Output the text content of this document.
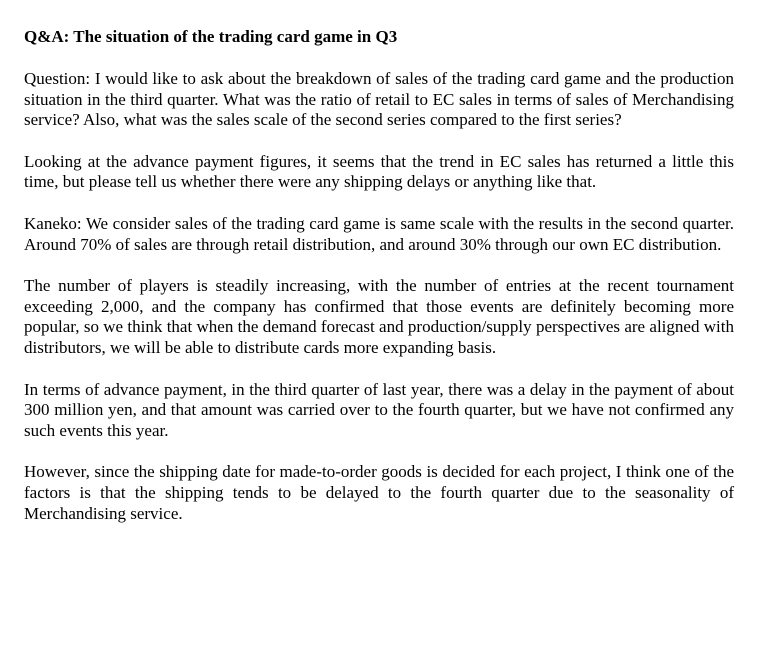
Q&A: The situation of the trading card game in Q3

Question: I would like to ask about the breakdown of sales of the trading card game and the production situation in the third quarter. What was the ratio of retail to EC sales in terms of sales of Merchandising service? Also, what was the sales scale of the second series compared to the first series?

Looking at the advance payment figures, it seems that the trend in EC sales has returned a little this time, but please tell us whether there were any shipping delays or anything like that.

Kaneko: We consider sales of the trading card game is same scale with the results in the second quarter. Around 70% of sales are through retail distribution, and around 30% through our own EC distribution.

The number of players is steadily increasing, with the number of entries at the recent tournament exceeding 2,000, and the company has confirmed that those events are definitely becoming more popular, so we think that when the demand forecast and production/supply perspectives are aligned with distributors, we will be able to distribute cards more expanding basis.

In terms of advance payment, in the third quarter of last year, there was a delay in the payment of about 300 million yen, and that amount was carried over to the fourth quarter, but we have not confirmed any such events this year.

However, since the shipping date for made-to-order goods is decided for each project, I think one of the factors is that the shipping tends to be delayed to the fourth quarter due to the seasonality of Merchandising service.
